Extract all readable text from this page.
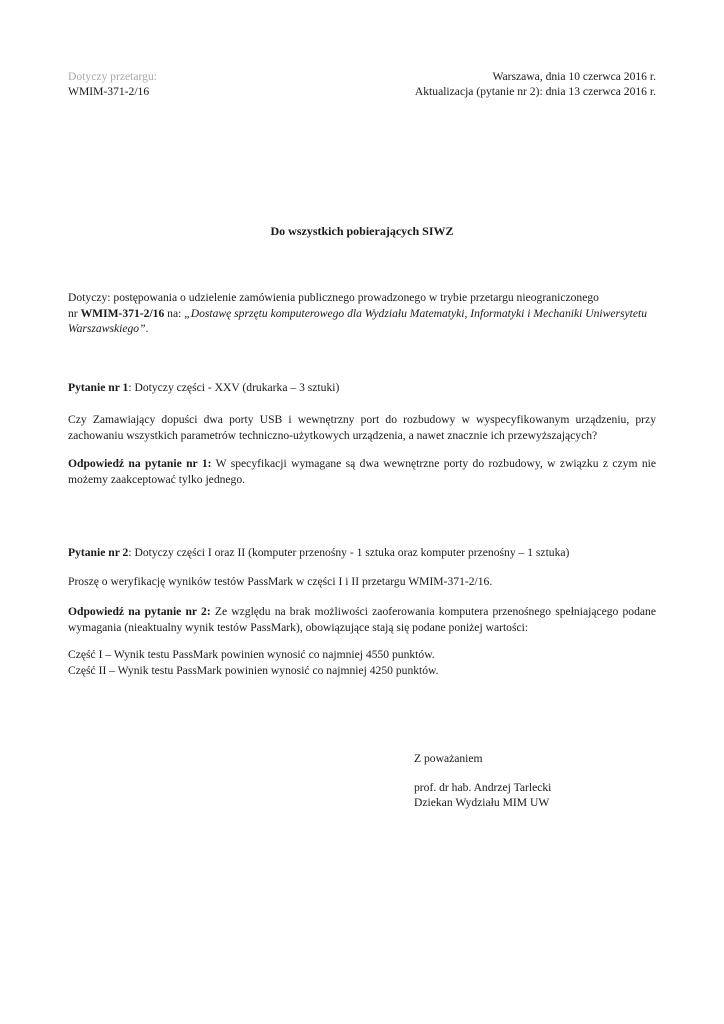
Dotyczy przetargu:
WMIM-371-2/16
Warszawa, dnia 10 czerwca 2016 r.
Aktualizacja (pytanie nr 2): dnia 13 czerwca 2016 r.
Do wszystkich pobierających SIWZ
Dotyczy: postępowania o udzielenie zamówienia publicznego prowadzonego w trybie przetargu nieograniczonego
nr WMIM-371-2/16 na: „Dostawę sprzętu komputerowego dla Wydziału Matematyki, Informatyki i Mechaniki Uniwersytetu Warszawskiego”.
Pytanie nr 1: Dotyczy części - XXV (drukarka – 3 sztuki)
Czy Zamawiający dopuści dwa porty USB i wewnętrzny port do rozbudowy w wyspecyfikowanym urządzeniu, przy zachowaniu wszystkich parametrów techniczno-użytkowych urządzenia, a nawet znacznie ich przewyższających?
Odpowiedź na pytanie nr 1: W specyfikacji wymagane są dwa wewnętrzne porty do rozbudowy, w związku z czym nie możemy zaakceptować tylko jednego.
Pytanie nr 2: Dotyczy części I oraz II (komputer przenośny - 1 sztuka oraz komputer przenośny – 1 sztuka)
Proszę o weryfikację wyników testów PassMark w części I i II przetargu WMIM-371-2/16.
Odpowiedź na pytanie nr 2: Ze względu na brak możliwości zaoferowania komputera przenośnego spełniającego podane wymagania (nieaktualny wynik testów PassMark), obowiązujące stają się podane poniżej wartości:
Część I – Wynik testu PassMark powinien wynosić co najmniej 4550 punktów.
Część II – Wynik testu PassMark powinien wynosić co najmniej 4250 punktów.
Z poważaniem
prof. dr hab. Andrzej Tarlecki
Dziekan Wydziału MIM UW
